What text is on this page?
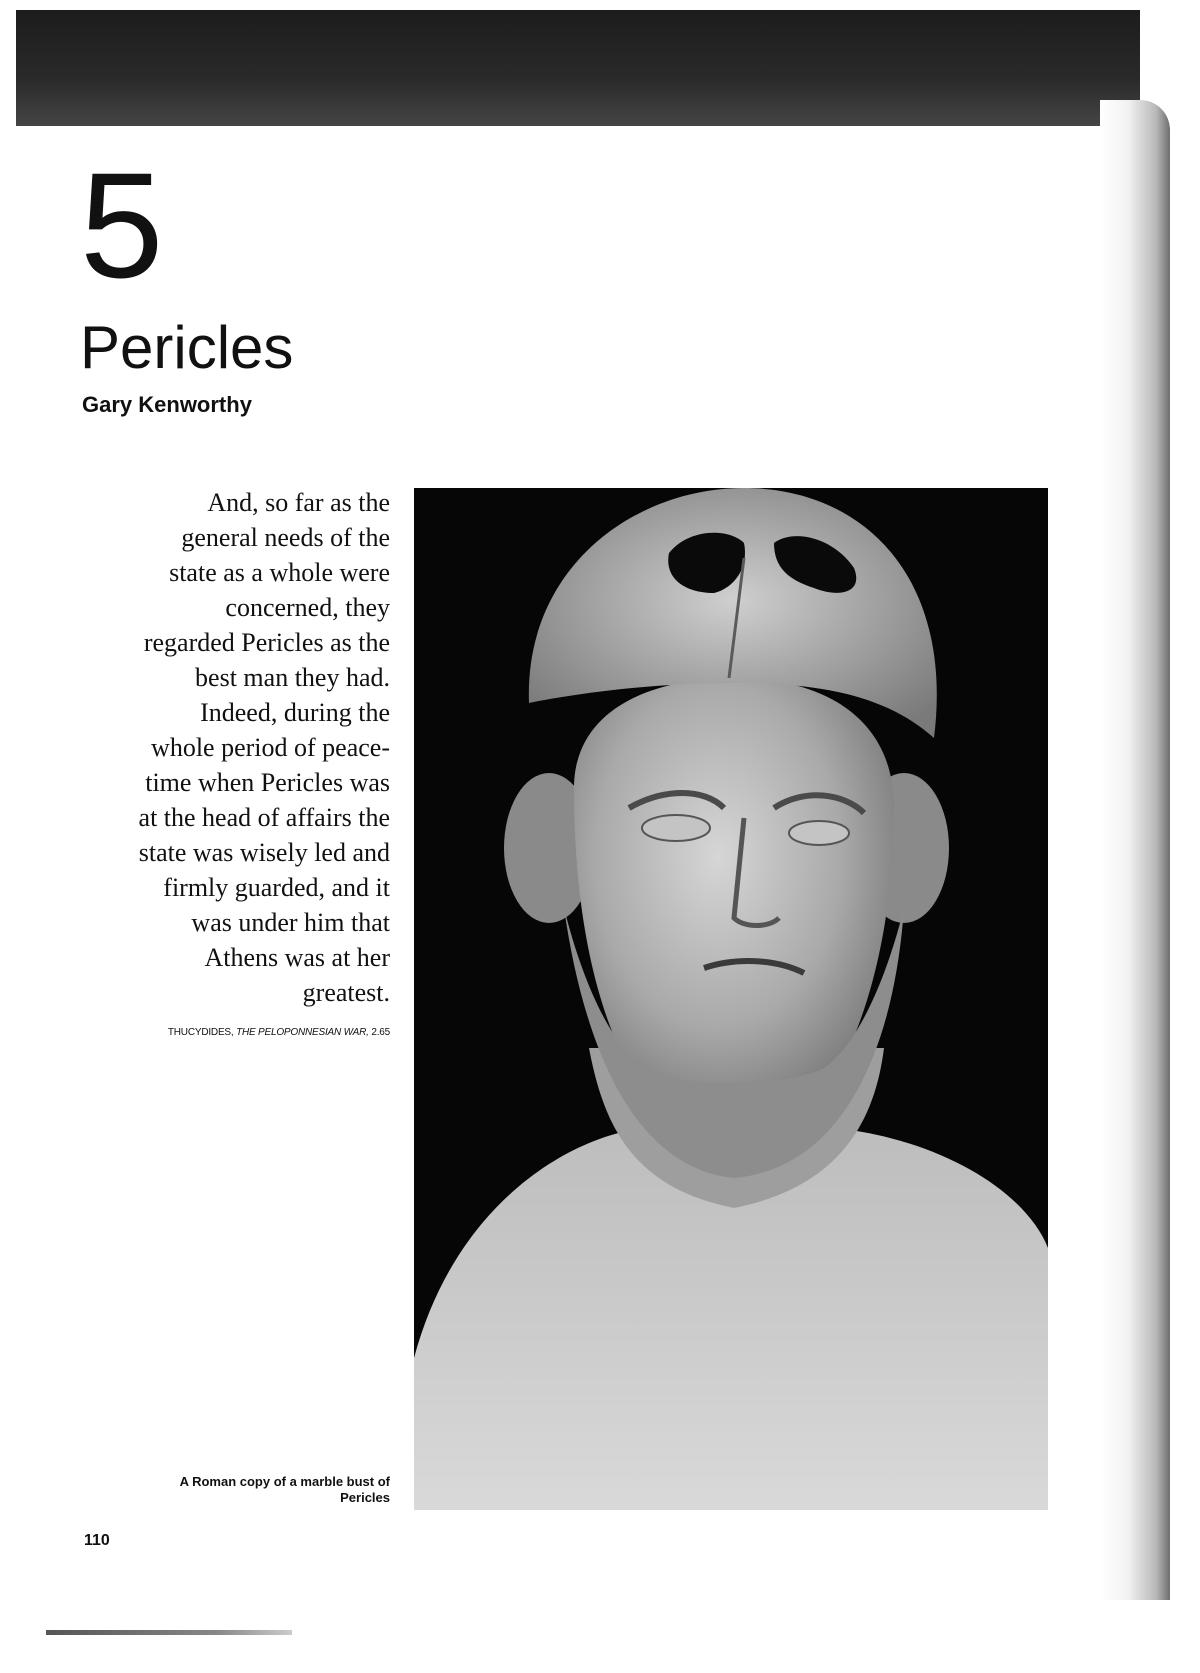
5
Pericles
Gary Kenworthy
And, so far as the
general needs of the
state as a whole were
concerned, they
regarded Pericles as the
best man they had.
Indeed, during the
whole period of peace-
time when Pericles was
at the head of affairs the
state was wisely led and
firmly guarded, and it
was under him that
Athens was at her
greatest.
THUCYDIDES, THE PELOPONNESIAN WAR, 2.65
A Roman copy of a marble bust of
Pericles
110
